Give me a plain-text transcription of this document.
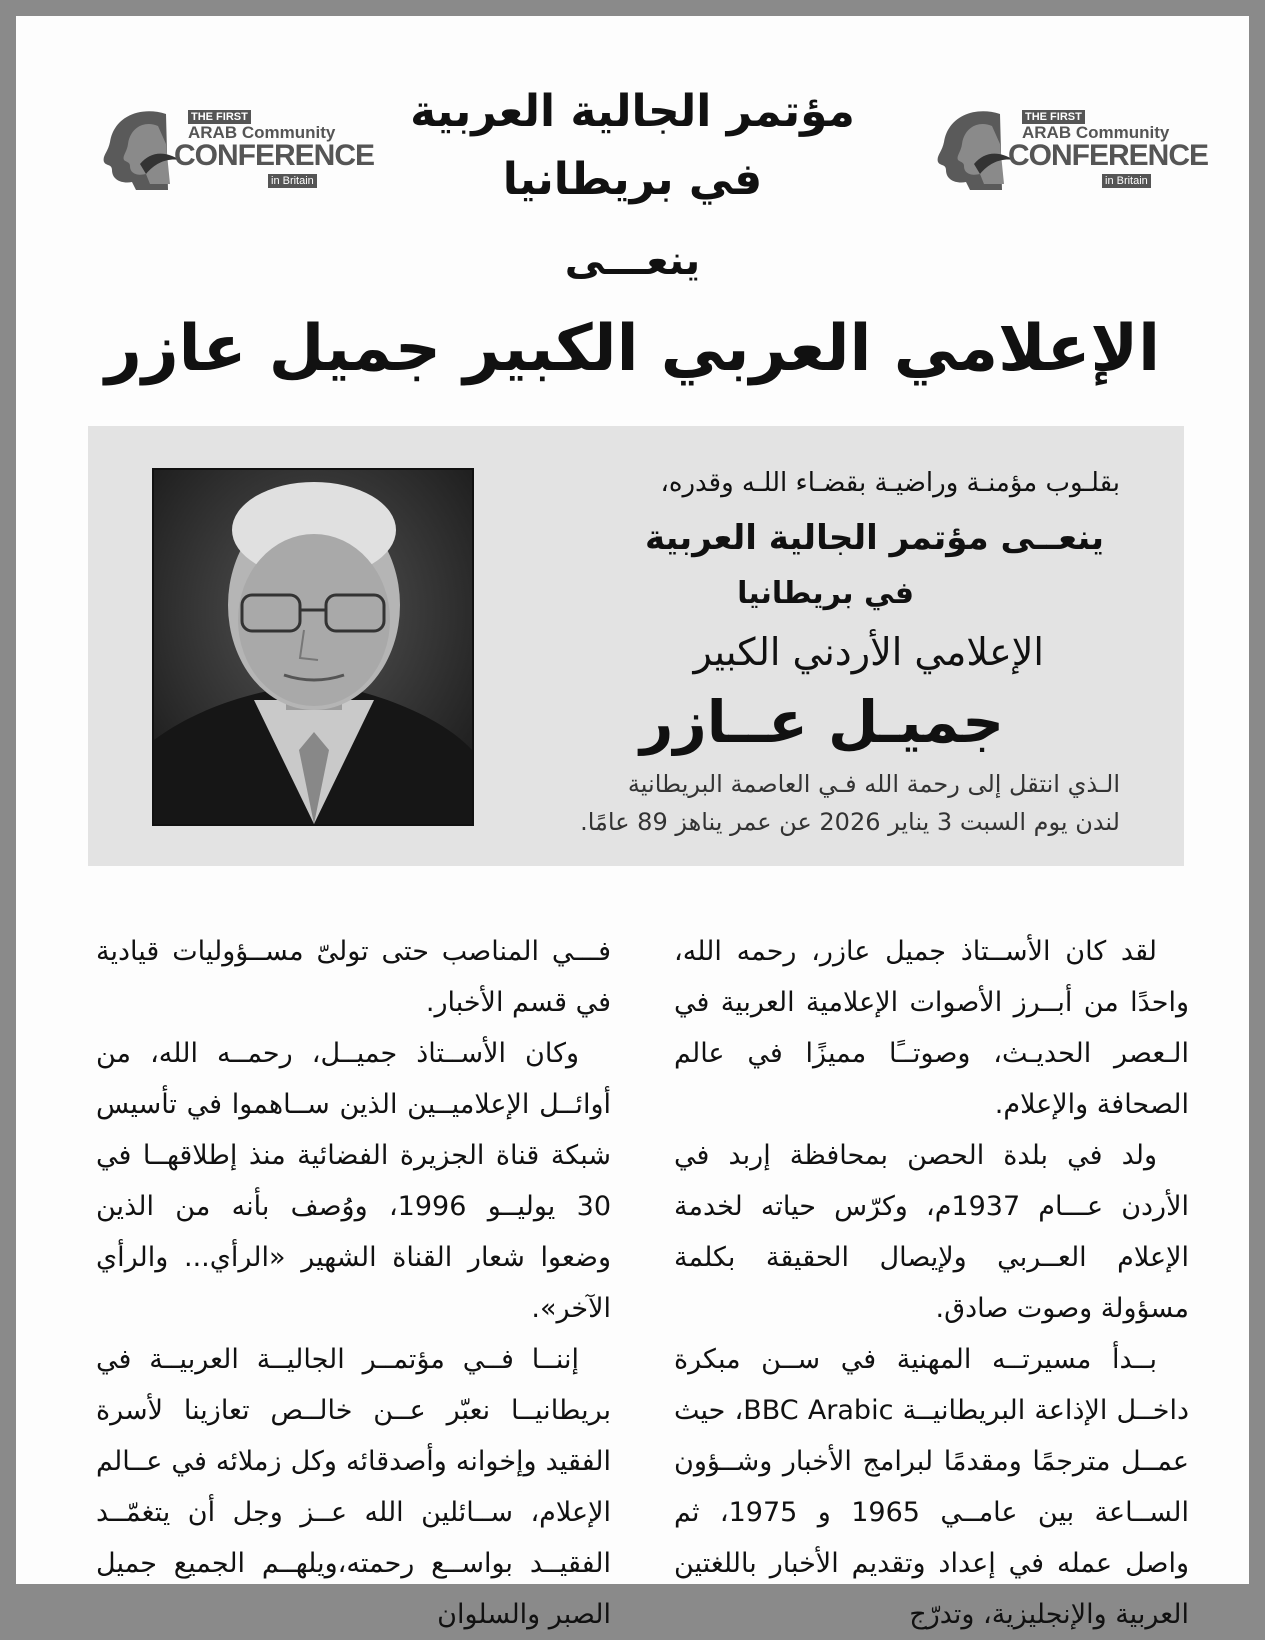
THE FIRST
ARAB Community
CONFERENCE
in Britain
THE FIRST
ARAB Community
CONFERENCE
in Britain
مؤتمر الجالية العربية
في بريطانيا
ينعـــى
الإعلامي العربي الكبير جميل عازر
بقلـوب مؤمنـة وراضيـة بقضـاء اللـه وقدره،
ينعــى مؤتمر الجالية العربية
في بريطانيا
الإعلامي الأردني الكبير
جميـل عــازر
الـذي انتقل إلى رحمة الله فـي العاصمة البريطانية
لندن يوم السبت 3 يناير 2026 عن عمر يناهز 89 عامًا.

لقد كان الأســتاذ جميل عازر، رحمه الله، واحدًا من أبــرز الأصوات الإعلامية العربية في الـعصر الحديـث، وصوتــًا مميزًا في عالم الصحافة والإعلام.

ولد في بلدة الحصن بمحافظة إربد في الأردن عـــام 1937م، وكرّس حياته لخدمة الإعلام العــربي ولإيصال الحقيقة بكلمة مسؤولة وصوت صادق.

بــدأ مسيرتــه المهنية في ســن مبكرة داخــل الإذاعة البريطانيــة BBC Arabic، حيث عمــل مترجمًا ومقدمًا لبرامج الأخبار وشــؤون الســاعة بين عامــي 1965 و 1975، ثم واصل عمله في إعداد وتقديم الأخبار باللغتين العربية والإنجليزية، وتدرّج

فـــي المناصب حتى تولىّ مســؤوليات قيادية في قسم الأخبار.

وكان الأســتاذ جميــل، رحمــه الله، من أوائــل الإعلاميــين الذين ســاهموا في تأسيس شبكة قناة الجزيرة الفضائية منذ إطلاقهــا في 30 يوليــو 1996، ووُصف بأنه من الذين وضعوا شعار القناة الشهير «الرأي... والرأي الآخر».

إننــا فــي مؤتمــر الجاليــة العربيــة في بريطانيــا نعبّر عــن خالــص تعازينا لأسرة الفقيد وإخوانه وأصدقائه وكل زملائه في عــالم الإعلام، ســائلين الله عــز وجل أن يتغمّــد الفقيــد بواســع رحمته،ويلهــم الجميع جميل الصبر والسلوان
